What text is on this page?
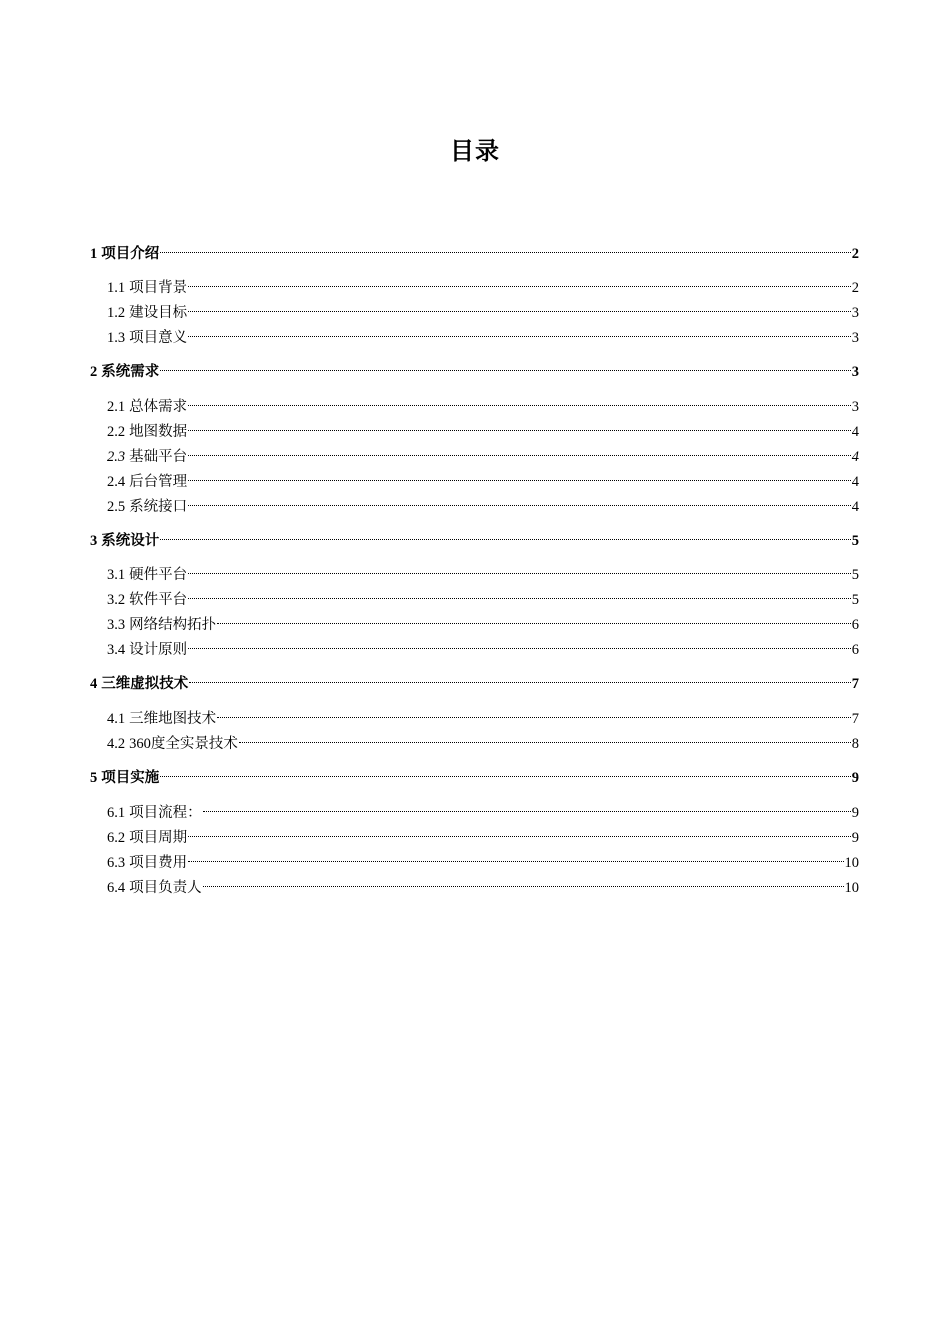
目录
1 项目介绍	2
1.1 项目背景	2
1.2 建设目标	3
1.3 项目意义	3
2 系统需求	3
2.1 总体需求	3
2.2 地图数据	4
2.3 基础平台	4
2.4 后台管理	4
2.5 系统接口	4
3 系统设计	5
3.1 硬件平台	5
3.2 软件平台	5
3.3 网络结构拓扑	6
3.4 设计原则	6
4 三维虚拟技术	7
4.1 三维地图技术	7
4.2 360度全实景技术	8
5 项目实施	9
6.1 项目流程：	9
6.2 项目周期	9
6.3 项目费用	10
6.4 项目负责人	10
